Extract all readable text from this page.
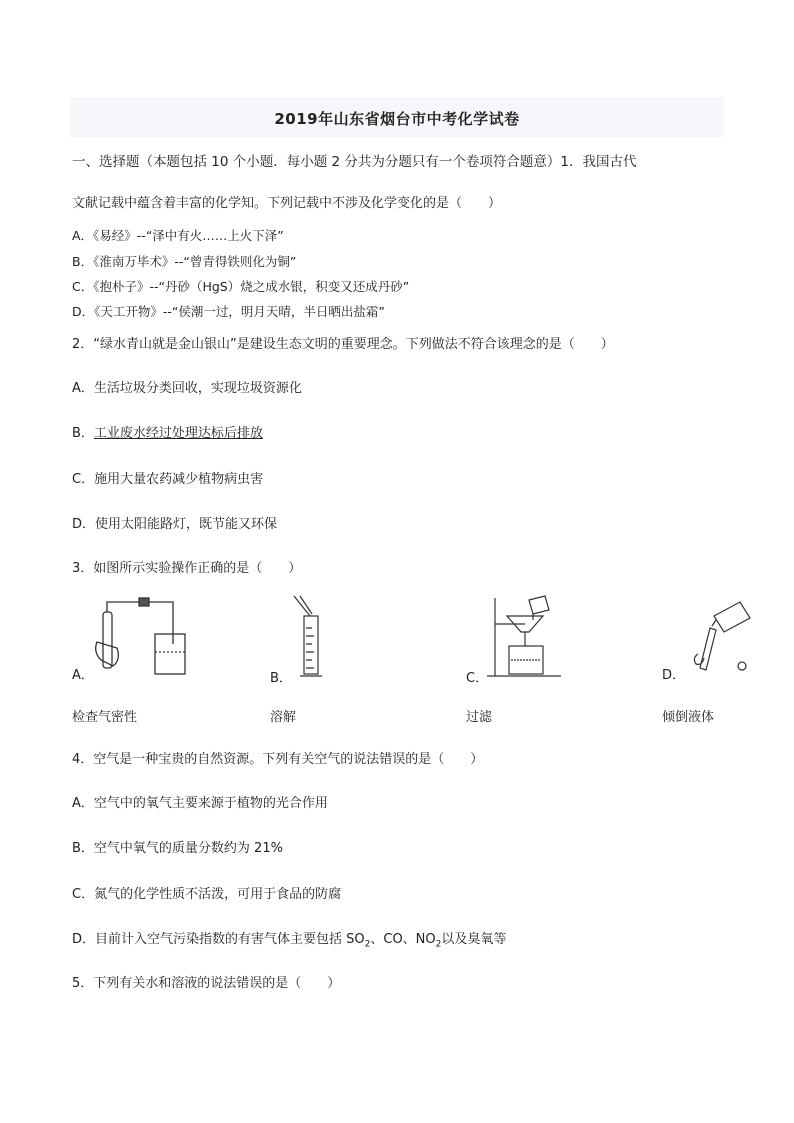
2019年山东省烟台市中考化学试卷
一、选择题（本题包括 10 个小题．每小题 2 分共为分题只有一个卷项符合题意）1．我国古代
文献记载中蕴含着丰富的化学知。下列记载中不涉及化学变化的是（　　）
A．《易经》--“泽中有火……上火下泽”
B．《淮南万毕术》--“曾青得铁则化为铜”
C．《抱朴子》--“丹砂（HgS）烧之成水银，积变又还成丹砂”
D．《天工开物》--“侯潮一过，明月天晴，半日晒出盐霜”
2．“绿水青山就是金山银山”是建设生态文明的重要理念。下列做法不符合该理念的是（　　）
A．生活垃圾分类回收，实现垃圾资源化
B．工业废水经过处理达标后排放
C．施用大量农药减少植物病虫害
D．使用太阳能路灯，既节能又环保
3．如图所示实验操作正确的是（　　）
A．
检查气密性
B．
溶解
C．
过滤
D．
倾倒液体
4．空气是一种宝贵的自然资源。下列有关空气的说法错误的是（　　）
A．空气中的氧气主要来源于植物的光合作用
B．空气中氧气的质量分数约为 21%
C．氮气的化学性质不活泼，可用于食品的防腐
D．目前计入空气污染指数的有害气体主要包括 $SO_2$、CO、$NO_2$以及臭氧等
5．下列有关水和溶液的说法错误的是（　　）
